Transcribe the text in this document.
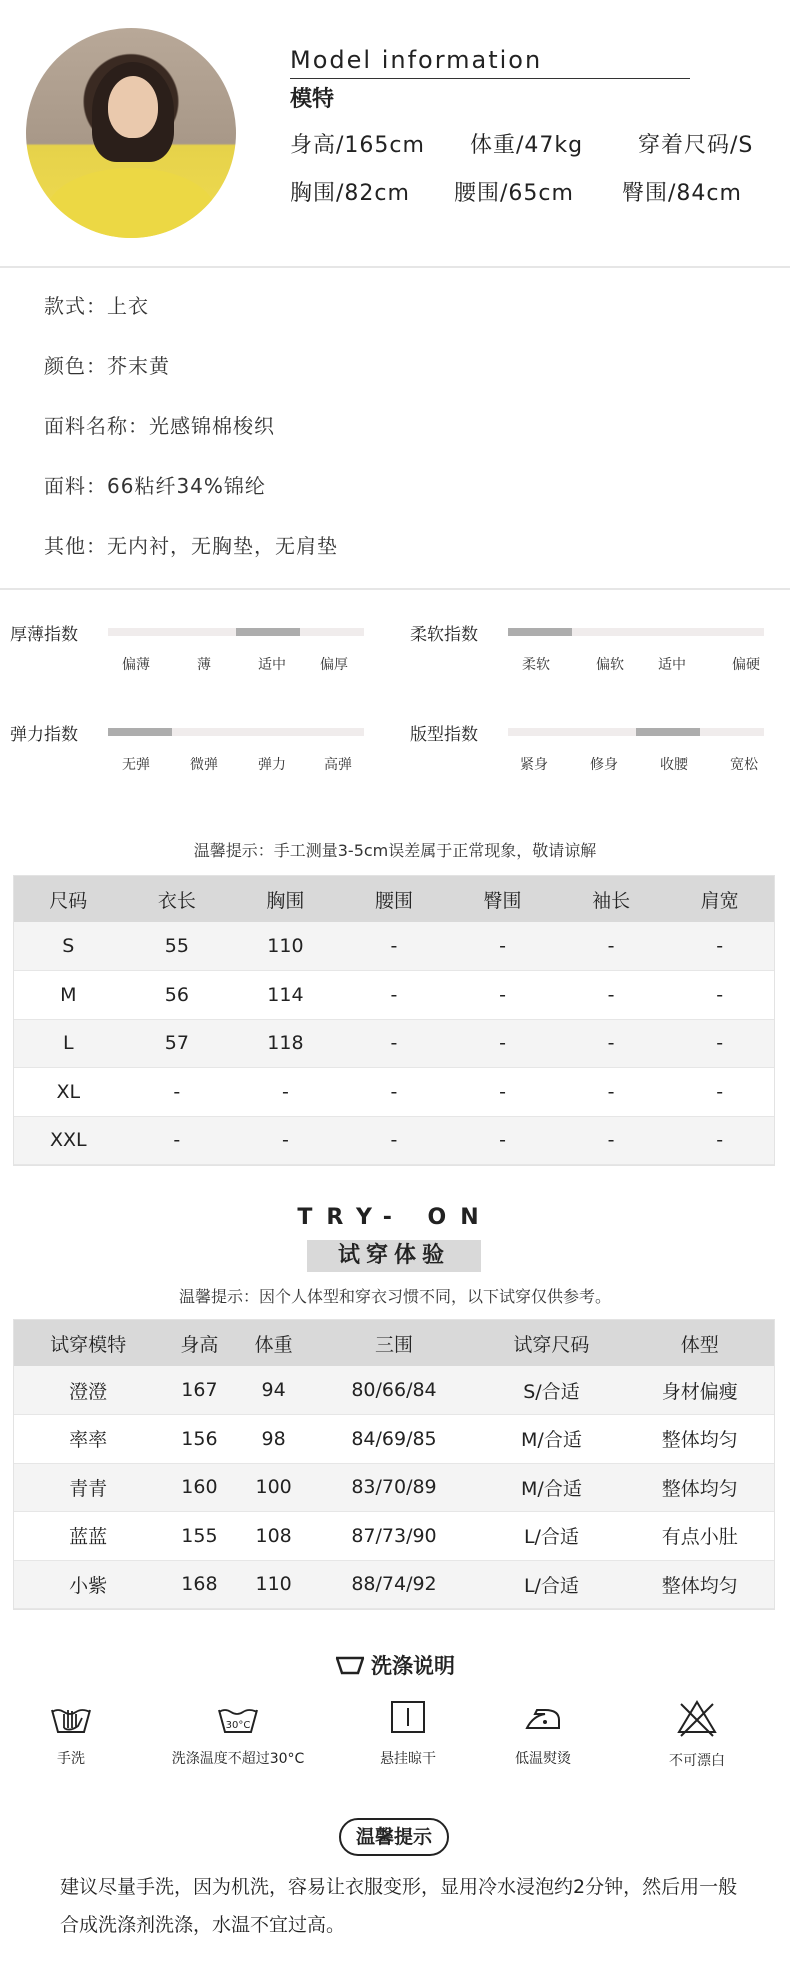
Model information
模特
身高/165cm 体重/47kg 穿着尺码/S
胸围/82cm 腰围/65cm 臀围/84cm
款式：上衣
颜色：芥末黄
面料名称：光感锦棉梭织
面料：66粘纤34%锦纶
其他：无内衬，无胸垫，无肩垫
厚薄指数
偏薄	薄	适中	偏厚
柔软指数
柔软	偏软	适中	偏硬
弹力指数
无弹	微弹	弹力	高弹
版型指数
紧身	修身	收腰	宽松
温馨提示：手工测量3-5cm误差属于正常现象，敬请谅解
尺码	衣长	胸围	腰围	臀围	袖长	肩宽
S	55	110	-	-	-	-
M	56	114	-	-	-	-
L	57	118	-	-	-	-
XL	-	-	-	-	-	-
XXL	-	-	-	-	-	-
TRY- ON
试穿体验
温馨提示：因个人体型和穿衣习惯不同，以下试穿仅供参考。
试穿模特	身高	体重	三围	试穿尺码	体型
澄澄	167	94	80/66/84	S/合适	身材偏瘦
率率	156	98	84/69/85	M/合适	整体均匀
青青	160	100	83/70/89	M/合适	整体均匀
蓝蓝	155	108	87/73/90	L/合适	有点小肚
小紫	168	110	88/74/92	L/合适	整体均匀
洗涤说明
手洗
30°C
洗涤温度不超过30°C	悬挂晾干	低温熨烫	不可漂白
温馨提示
建议尽量手洗，因为机洗，容易让衣服变形，显用冷水浸泡约2分钟，然后用一般合成洗涤剂洗涤，水温不宜过高。
